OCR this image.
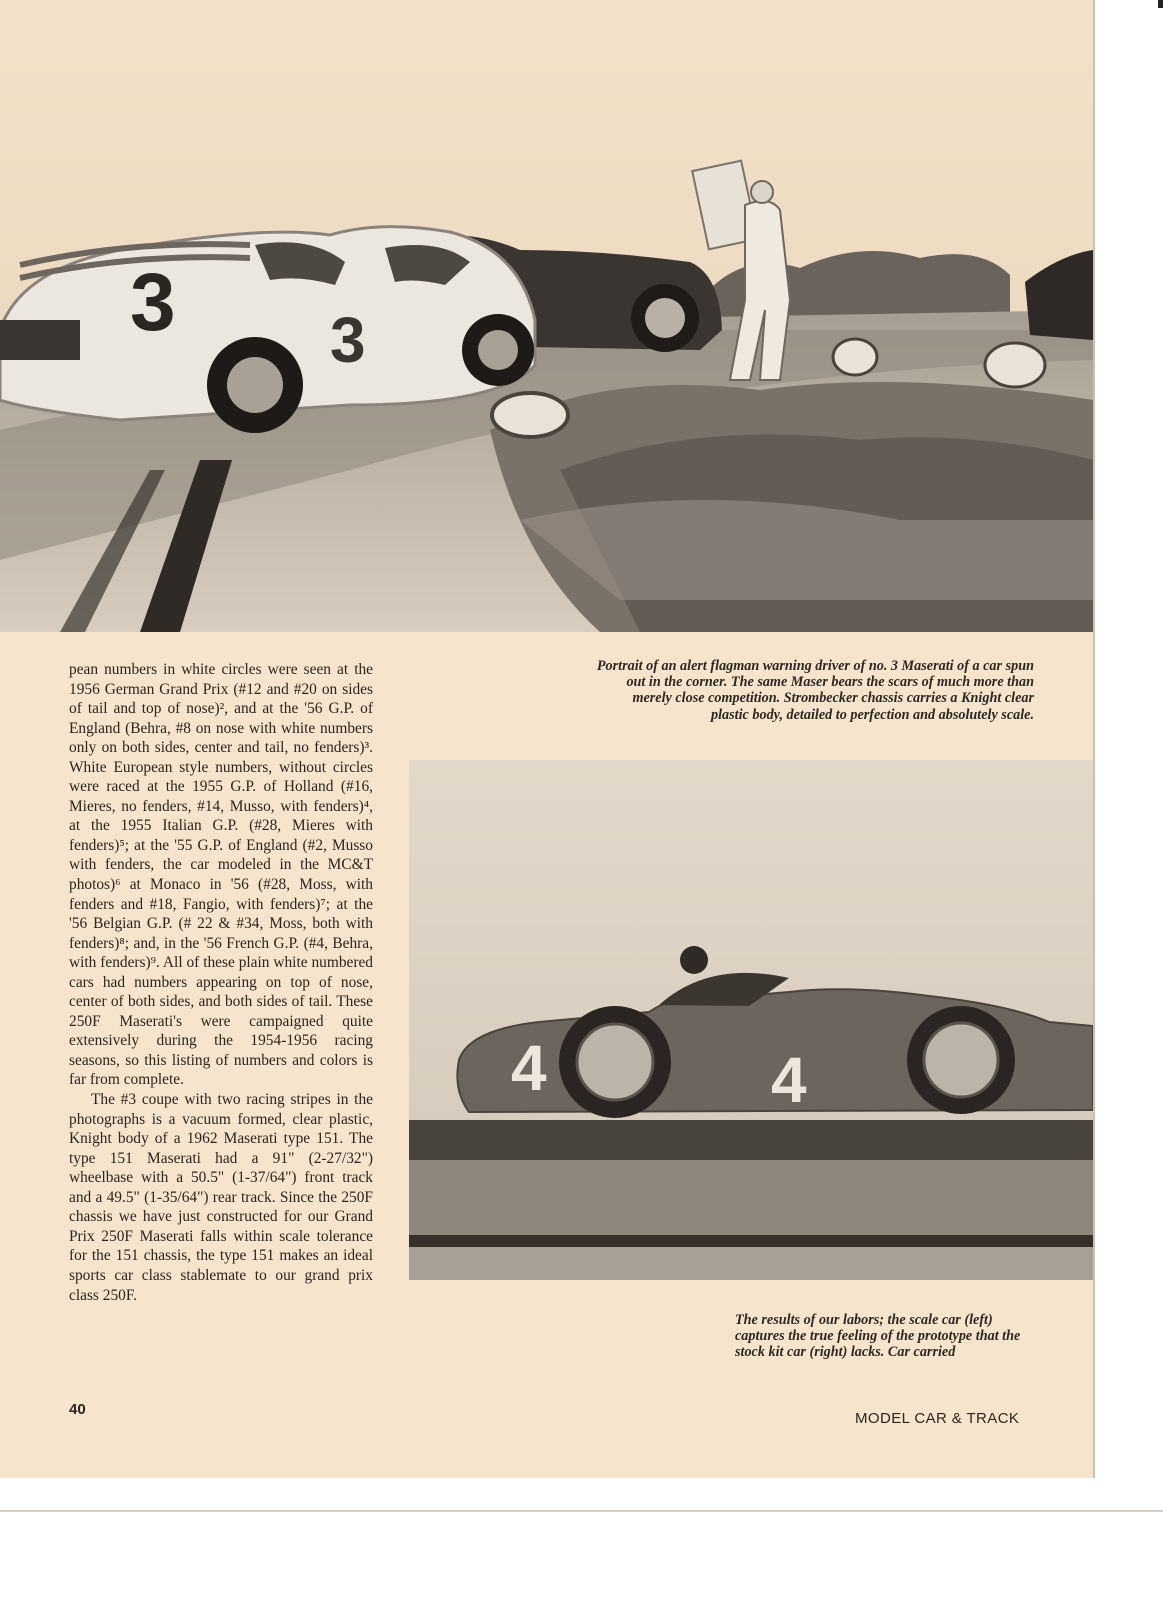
3 3

pean numbers in white circles were seen at the 1956 German Grand Prix (#12 and #20 on sides of tail and top of nose)², and at the '56 G.P. of England (Behra, #8 on nose with white numbers only on both sides, center and tail, no fenders)³. White European style numbers, without circles were raced at the 1955 G.P. of Holland (#16, Mieres, no fenders, #14, Musso, with fenders)⁴, at the 1955 Italian G.P. (#28, Mieres with fenders)⁵; at the '55 G.P. of England (#2, Musso with fenders, the car modeled in the MC&T photos)⁶ at Monaco in '56 (#28, Moss, with fenders and #18, Fangio, with fenders)⁷; at the '56 Belgian G.P. (# 22 & #34, Moss, both with fenders)⁸; and, in the '56 French G.P. (#4, Behra, with fenders)⁹. All of these plain white numbered cars had numbers appearing on top of nose, center of both sides, and both sides of tail. These 250F Maserati's were campaigned quite extensively during the 1954-1956 racing seasons, so this listing of numbers and colors is far from complete.

The #3 coupe with two racing stripes in the photographs is a vacuum formed, clear plastic, Knight body of a 1962 Maserati type 151. The type 151 Maserati had a 91" (2-27/32") wheelbase with a 50.5" (1-37/64") front track and a 49.5" (1-35/64") rear track. Since the 250F chassis we have just constructed for our Grand Prix 250F Maserati falls within scale tolerance for the 151 chassis, the type 151 makes an ideal sports car class stablemate to our grand prix class 250F.

Portrait of an alert flagman warning driver of no. 3 Maserati of a car spun out in the corner. The same Maser bears the scars of much more than merely close competition. Strombecker chassis carries a Knight clear plastic body, detailed to perfection and absolutely scale.
4	4
The results of our labors; the scale car (left) captures the true feeling of the prototype that the stock kit car (right) lacks. Car carried
40
MODEL CAR & TRACK
